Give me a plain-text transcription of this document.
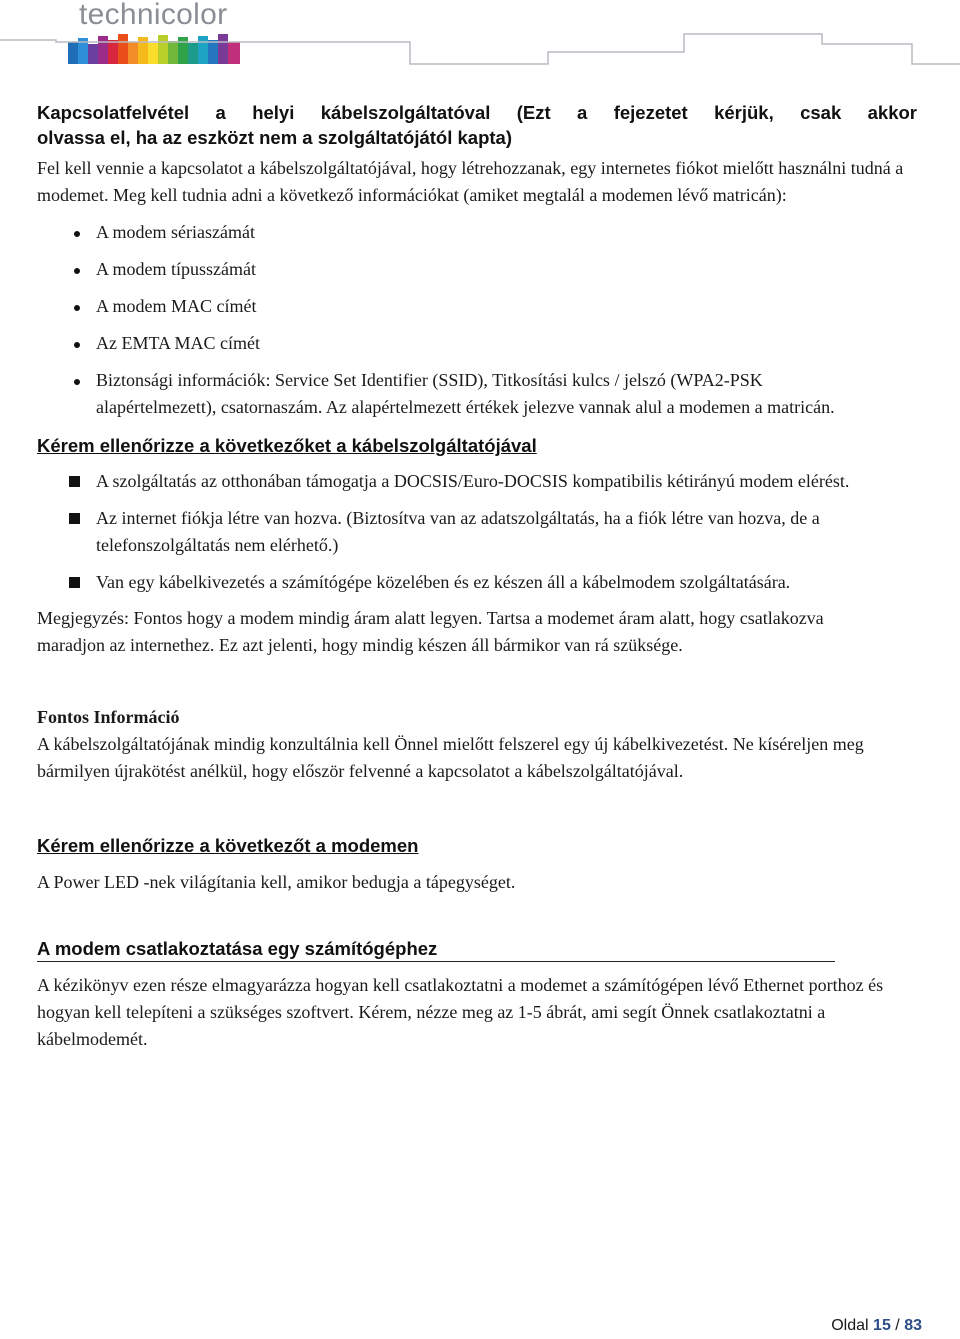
technicolor
Kapcsolatfelvétel a helyi kábelszolgáltatóval (Ezt a fejezetet kérjük, csak akkor
olvassa el, ha az eszközt nem a szolgáltatójától kapta)

Fel kell vennie a kapcsolatot a kábelszolgáltatójával, hogy létrehozzanak, egy internetes fiókot mielőtt használni tudná a modemet. Meg kell tudnia adni a következő információkat (amiket megtalál a modemen lévő matricán):

A modem sériaszámát
A modem típusszámát
A modem MAC címét
Az EMTA MAC címét
Biztonsági információk: Service Set Identifier (SSID), Titkosítási kulcs / jelszó (WPA2-PSK alapértelmezett), csatornaszám. Az alapértelmezett értékek jelezve vannak alul a modemen a matricán.
Kérem ellenőrizze a következőket a kábelszolgáltatójával
A szolgáltatás az otthonában támogatja a DOCSIS/Euro-DOCSIS kompatibilis kétirányú modem elérést.
Az internet fiókja létre van hozva. (Biztosítva van az adatszolgáltatás, ha a fiók létre van hozva, de a telefonszolgáltatás nem elérhető.)
Van egy kábelkivezetés a számítógépe közelében és ez készen áll a kábelmodem szolgáltatására.

Megjegyzés: Fontos hogy a modem mindig áram alatt legyen. Tartsa a modemet áram alatt, hogy csatlakozva maradjon az internethez. Ez azt jelenti, hogy mindig készen áll bármikor van rá szüksége.

Fontos Információ

A kábelszolgáltatójának mindig konzultálnia kell Önnel mielőtt felszerel egy új kábelkivezetést. Ne kíséreljen meg bármilyen újrakötést anélkül, hogy először felvenné a kapcsolatot a kábelszolgáltatójával.

Kérem ellenőrizze a következőt a modemen

A Power LED -nek világítania kell, amikor bedugja a tápegységet.

A modem csatlakoztatása egy számítógéphez

A kézikönyv ezen része elmagyarázza hogyan kell csatlakoztatni a modemet a számítógépen lévő Ethernet porthoz és hogyan kell telepíteni a szükséges szoftvert. Kérem, nézze meg az 1-5 ábrát, ami segít Önnek csatlakoztatni a kábelmodemét.

Oldal 15 / 83
